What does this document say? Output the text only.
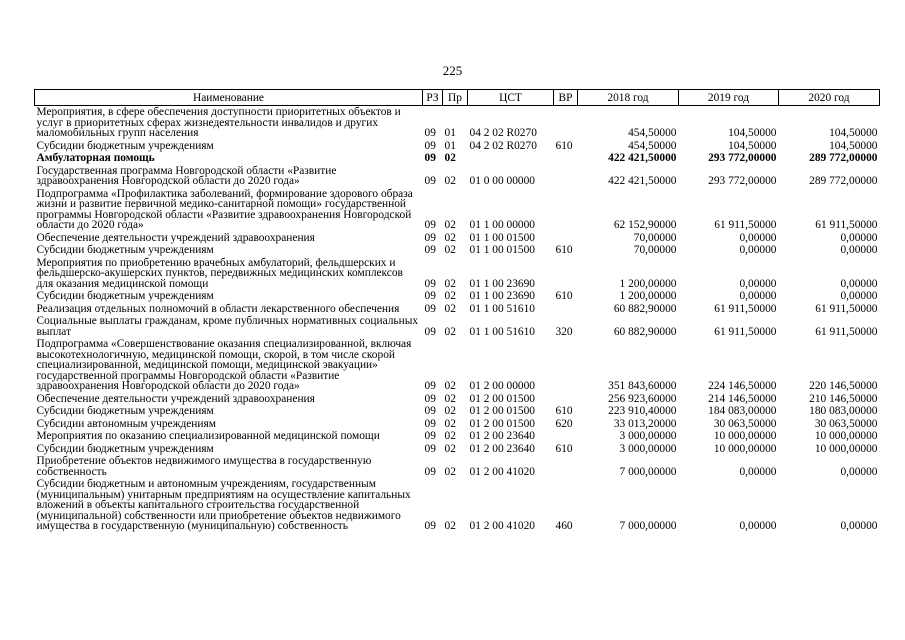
225
Наименование	РЗ	Пр	ЦСТ	ВР	2018 год	2019 год	2020 год
Мероприятия, в сфере обеспечения доступности приоритетных объектов и услуг в приоритетных сферах жизнедеятельности инвалидов и других маломобильных групп населения	09	01	04 2 02 R0270		454,50000	104,50000	104,50000
Субсидии бюджетным учреждениям	09	01	04 2 02 R0270	610	454,50000	104,50000	104,50000
Амбулаторная помощь	09	02			422 421,50000	293 772,00000	289 772,00000
Государственная программа Новгородской области «Развитие здравоохранения Новгородской области до 2020 года»	09	02	01 0 00 00000		422 421,50000	293 772,00000	289 772,00000
Подпрограмма «Профилактика заболеваний, формирование здорового образа жизни и развитие первичной медико-санитарной помощи» государственной программы Новгородской области «Развитие здравоохранения Новгородской области до 2020 года»	09	02	01 1 00 00000		62 152,90000	61 911,50000	61 911,50000
Обеспечение деятельности учреждений здравоохранения	09	02	01 1 00 01500		70,00000	0,00000	0,00000
Субсидии бюджетным учреждениям	09	02	01 1 00 01500	610	70,00000	0,00000	0,00000
Мероприятия по приобретению врачебных амбулаторий, фельдшерских и фельдшерско-акушерских пунктов, передвижных медицинских комплексов для оказания медицинской помощи	09	02	01 1 00 23690		1 200,00000	0,00000	0,00000
Субсидии бюджетным учреждениям	09	02	01 1 00 23690	610	1 200,00000	0,00000	0,00000
Реализация отдельных полномочий в области лекарственного обеспечения	09	02	01 1 00 51610		60 882,90000	61 911,50000	61 911,50000
Социальные выплаты гражданам, кроме публичных нормативных социальных выплат	09	02	01 1 00 51610	320	60 882,90000	61 911,50000	61 911,50000
Подпрограмма «Совершенствование оказания специализированной, включая высокотехнологичную, медицинской помощи, скорой, в том числе скорой специализированной, медицинской помощи, медицинской эвакуации» государственной программы Новгородской области «Развитие здравоохранения Новгородской области до 2020 года»	09	02	01 2 00 00000		351 843,60000	224 146,50000	220 146,50000
Обеспечение деятельности учреждений здравоохранения	09	02	01 2 00 01500		256 923,60000	214 146,50000	210 146,50000
Субсидии бюджетным учреждениям	09	02	01 2 00 01500	610	223 910,40000	184 083,00000	180 083,00000
Субсидии автономным учреждениям	09	02	01 2 00 01500	620	33 013,20000	30 063,50000	30 063,50000
Мероприятия по оказанию специализированной медицинской помощи	09	02	01 2 00 23640		3 000,00000	10 000,00000	10 000,00000
Субсидии бюджетным учреждениям	09	02	01 2 00 23640	610	3 000,00000	10 000,00000	10 000,00000
Приобретение объектов недвижимого имущества в государственную собственность	09	02	01 2 00 41020		7 000,00000	0,00000	0,00000
Субсидии бюджетным и автономным учреждениям, государственным (муниципальным) унитарным предприятиям на осуществление капитальных вложений в объекты капитального строительства государственной (муниципальной) собственности или приобретение объектов недвижимого имущества в государственную (муниципальную) собственность	09	02	01 2 00 41020	460	7 000,00000	0,00000	0,00000
